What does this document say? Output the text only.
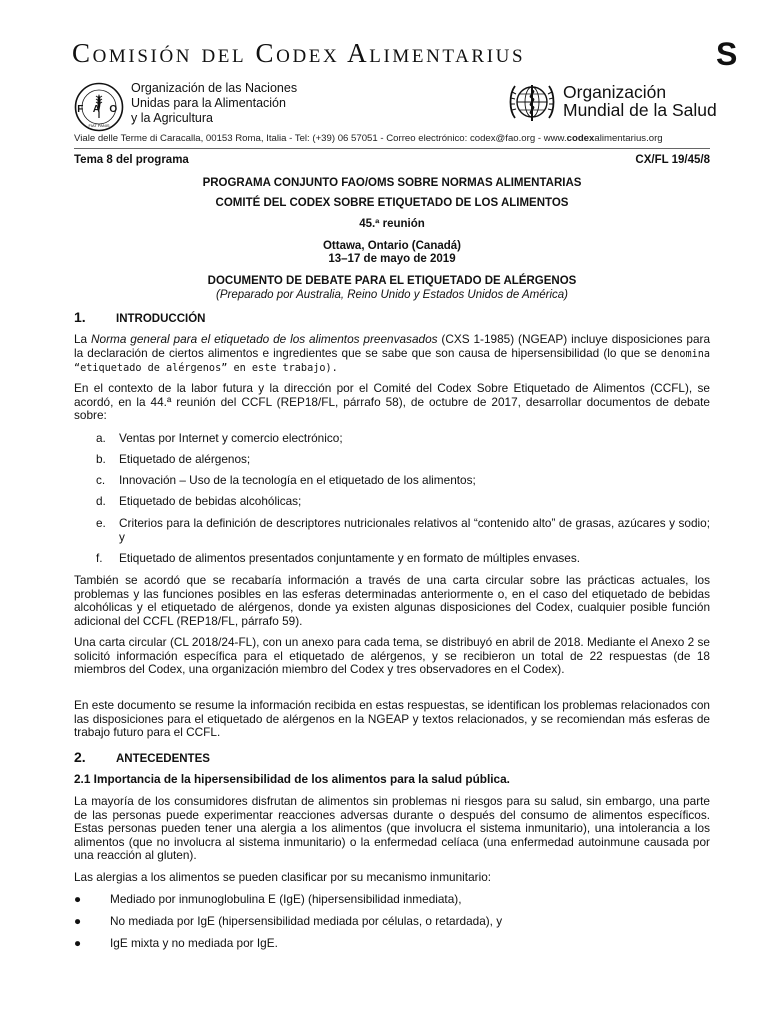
Comisión del Codex Alimentarius	S
F A O
FIAT PANIS
Organización de las Naciones
Unidas para la Alimentación
y la Agricultura
Organización
Mundial de la Salud
Viale delle Terme di Caracalla, 00153 Roma, Italia - Tel: (+39) 06 57051 - Correo electrónico: codex@fao.org - www.codexalimentarius.org
Tema 8 del programa	CX/FL 19/45/8
PROGRAMA CONJUNTO FAO/OMS SOBRE NORMAS ALIMENTARIAS
COMITÉ DEL CODEX SOBRE ETIQUETADO DE LOS ALIMENTOS
45.ª reunión
Ottawa, Ontario (Canadá)
13–17 de mayo de 2019
DOCUMENTO DE DEBATE PARA EL ETIQUETADO DE ALÉRGENOS
(Preparado por Australia, Reino Unido y Estados Unidos de América)
1.	INTRODUCCIÓN
La Norma general para el etiquetado de los alimentos preenvasados (CXS 1-1985) (NGEAP) incluye disposiciones para la declaración de ciertos alimentos e ingredientes que se sabe que son causa de hipersensibilidad (lo que se denomina “etiquetado de alérgenos” en este trabajo).
En el contexto de la labor futura y la dirección por el Comité del Codex Sobre Etiquetado de Alimentos (CCFL), se acordó, en la 44.ª reunión del CCFL (REP18/FL, párrafo 58), de octubre de 2017, desarrollar documentos de debate sobre:
a.	Ventas por Internet y comercio electrónico;
b.	Etiquetado de alérgenos;
c.	Innovación – Uso de la tecnología en el etiquetado de los alimentos;
d.	Etiquetado de bebidas alcohólicas;
e.	Criterios para la definición de descriptores nutricionales relativos al “contenido alto” de grasas, azúcares y sodio; y
f.	Etiquetado de alimentos presentados conjuntamente y en formato de múltiples envases.
También se acordó que se recabaría información a través de una carta circular sobre las prácticas actuales, los problemas y las funciones posibles en las esferas determinadas anteriormente o, en el caso del etiquetado de bebidas alcohólicas y el etiquetado de alérgenos, donde ya existen algunas disposiciones del Codex, cualquier posible función adicional del CCFL (REP18/FL, párrafo 59).
Una carta circular (CL 2018/24-FL), con un anexo para cada tema, se distribuyó en abril de 2018. Mediante el Anexo 2 se solicitó información específica para el etiquetado de alérgenos, y se recibieron un total de 22 respuestas (de 18 miembros del Codex, una organización miembro del Codex y tres observadores en el Codex).
En este documento se resume la información recibida en estas respuestas, se identifican los problemas relacionados con las disposiciones para el etiquetado de alérgenos en la NGEAP y textos relacionados, y se recomiendan más esferas de trabajo futuro para el CCFL.
2.	ANTECEDENTES
2.1 Importancia de la hipersensibilidad de los alimentos para la salud pública.
La mayoría de los consumidores disfrutan de alimentos sin problemas ni riesgos para su salud, sin embargo, una parte de las personas puede experimentar reacciones adversas durante o después del consumo de alimentos específicos. Estas personas pueden tener una alergia a los alimentos (que involucra el sistema inmunitario), una intolerancia a los alimentos (que no involucra al sistema inmunitario) o la enfermedad celíaca (una enfermedad autoinmune causada por una reacción al gluten).
Las alergias a los alimentos se pueden clasificar por su mecanismo inmunitario:
● Mediado por inmunoglobulina E (IgE) (hipersensibilidad inmediata),
● No mediada por IgE (hipersensibilidad mediada por células, o retardada), y
● IgE mixta y no mediada por IgE.
